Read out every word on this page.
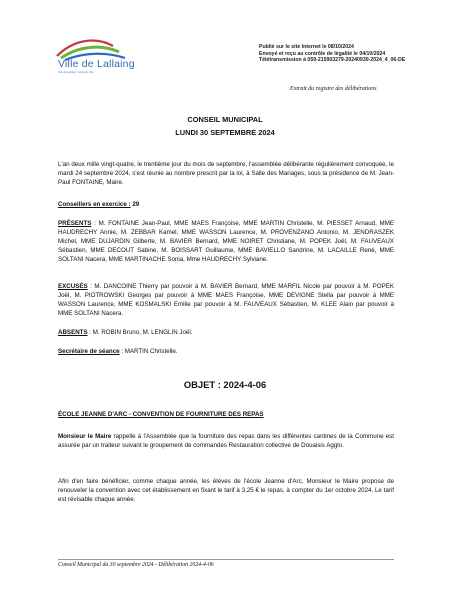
Ville de Lallaing
Ville de Lallaing - Hôtel de ville
Publié sur le site Internet le 08/10/2024
Envoyé et reçu au contrôle de légalité le 04/10/2024
Télétransmission à 059-215903279-20240930-2024_4_06-DE
Extrait du registre des délibérations
CONSEIL MUNICIPAL
LUNDI 30 SEPTEMBRE 2024
L'an deux mille vingt-quatre, le trentième jour du mois de septembre, l'assemblée délibérante régulièrement convoquée, le mardi 24 septembre 2024, s'est réunie au nombre prescrit par la loi, à Salle des Mariages, sous la présidence de M. Jean-Paul FONTAINE, Maire.
Conseillers en exercice : 29
PRÉSENTS : M. FONTAINE Jean-Paul, MME MAES Françoise, MME MARTIN Christelle, M. PIESSET Arnaud, MME HAUDRECHY Annie, M. ZEBBAR Kamel, MME WASSON Laurence, M. PROVENZANO Antonio, M. JENDRASZEK Michel, MME DUJARDIN Gilberte, M. BAVIER Bernard, MME NOIRET Christiane, M. POPEK Joël, M. FAUVEAUX Sébastien, MME DECOUT Sabine, M. BOISSART Guillaume, MME BAVIELLO Sandrine, M. LACAILLE René, MME SOLTANI Nacera, MME MARTINACHE Sonia, Mme HAUDRECHY Sylviane.
EXCUSÉS : M. DANCOINE Thierry par pouvoir à M. BAVIER Bernard, MME MARFIL Nicole par pouvoir à M. POPEK Joël, M. PIOTROWSKI Georges par pouvoir à MME MAES Françoise, MME DEVIGNE Stella par pouvoir à MME WASSON Laurence, MME KOSMALSKI Emilie par pouvoir à M. FAUVEAUX Sébastien, M. KLEE Alain par pouvoir à MME SOLTANI Nacera.
ABSENTS : M. ROBIN Bruno, M. LENGLIN Joël.
Secrétaire de séance : MARTIN Christelle.
OBJET : 2024-4-06
ÉCOLE JEANNE D'ARC - CONVENTION DE FOURNITURE DES REPAS
Monsieur le Maire rappelle à l'Assemblée que la fourniture des repas dans les différentes cantines de la Commune est assurée par un traiteur suivant le groupement de commandes Restauration collective de Douaisis Agglo.
Afin d'en faire bénéficier, comme chaque année, les élèves de l'école Jeanne d'Arc, Monsieur le Maire propose de renouveler la convention avec cet établissement en fixant le tarif à 3,25 € le repas, à compter du 1er octobre 2024. Le tarif est révisable chaque année.
Conseil Municipal du 30 septembre 2024 - Délibération 2024-4-06
